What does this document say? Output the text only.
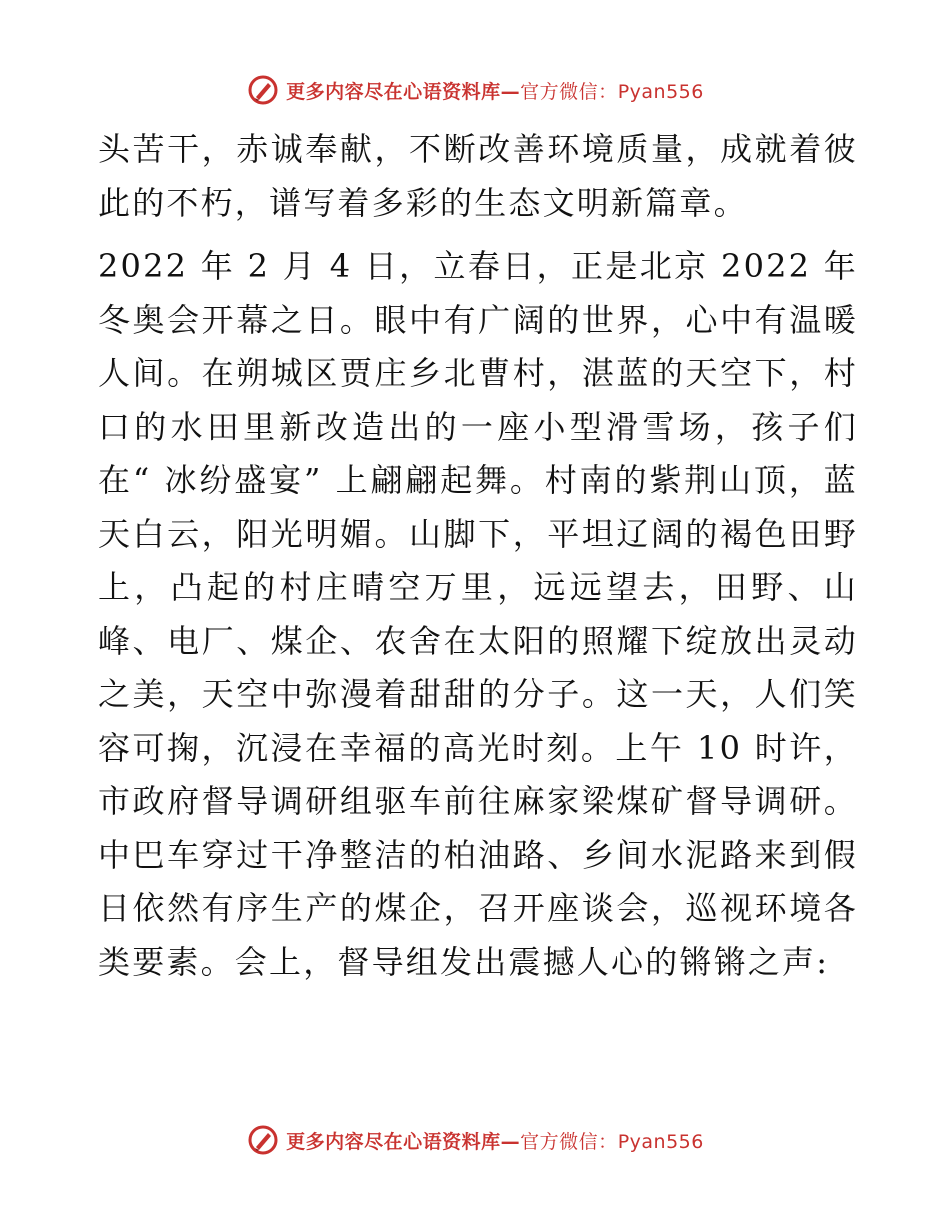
更多内容尽在心语资料库—官方微信：Pyan556

头苦干，赤诚奉献，不断改善环境质量，成就着彼此的不朽，谱写着多彩的生态文明新篇章。

2022 年 2 月 4 日，立春日，正是北京 2022 年冬奥会开幕之日。眼中有广阔的世界，心中有温暖人间。在朔城区贾庄乡北曹村，湛蓝的天空下，村口的水田里新改造出的一座小型滑雪场，孩子们在“ 冰纷盛宴” 上翩翩起舞。村南的紫荆山顶，蓝天白云，阳光明媚。山脚下，平坦辽阔的褐色田野上，凸起的村庄晴空万里，远远望去，田野、山峰、电厂、煤企、农舍在太阳的照耀下绽放出灵动之美，天空中弥漫着甜甜的分子。这一天，人们笑容可掬，沉浸在幸福的高光时刻。上午 10 时许，市政府督导调研组驱车前往麻家梁煤矿督导调研。中巴车穿过干净整洁的柏油路、乡间水泥路来到假日依然有序生产的煤企，召开座谈会，巡视环境各类要素。会上，督导组发出震撼人心的锵锵之声:

更多内容尽在心语资料库—官方微信：Pyan556
